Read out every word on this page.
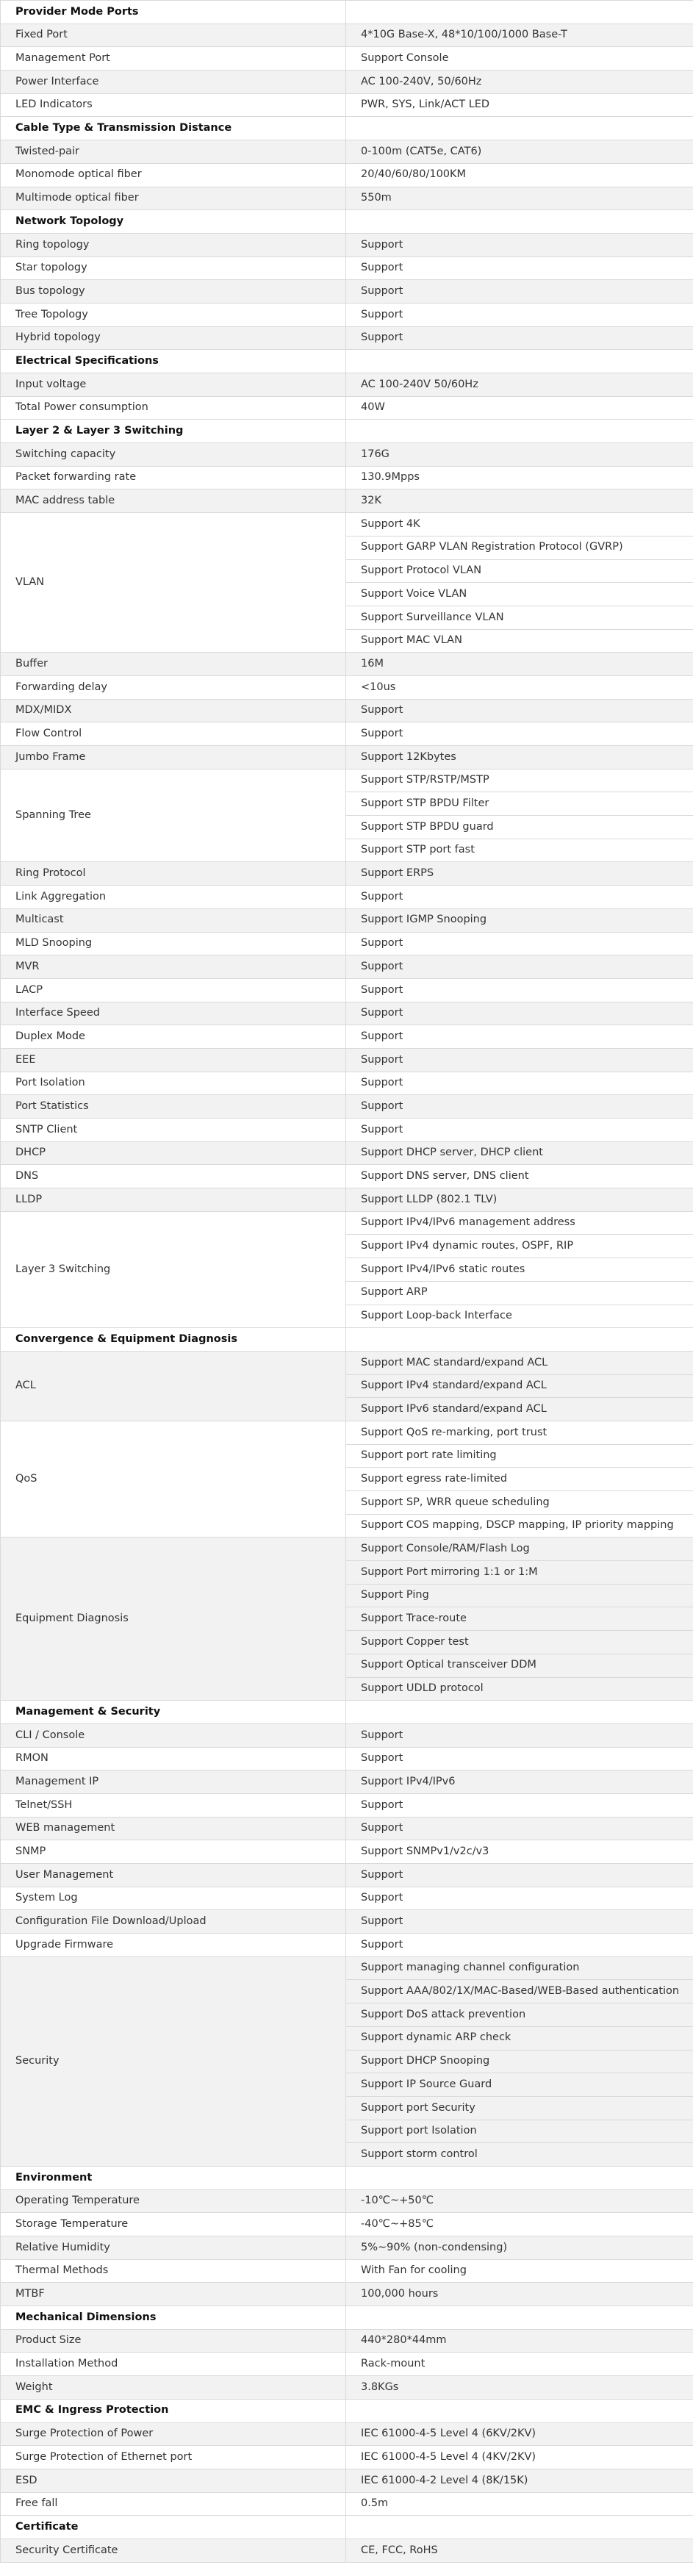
Provider Mode Ports	
Fixed Port	4*10G Base-X, 48*10/100/1000 Base-T
Management Port	Support Console
Power Interface	AC 100-240V, 50/60Hz
LED Indicators	PWR, SYS, Link/ACT LED
Cable Type & Transmission Distance	
Twisted-pair	0-100m (CAT5e, CAT6)
Monomode optical fiber	20/40/60/80/100KM
Multimode optical fiber	550m
Network Topology	
Ring topology	Support
Star topology	Support
Bus topology	Support
Tree Topology	Support
Hybrid topology	Support
Electrical Specifications	
Input voltage	AC 100-240V 50/60Hz
Total Power consumption	40W
Layer 2 & Layer 3 Switching	
Switching capacity	176G
Packet forwarding rate	130.9Mpps
MAC address table	32K
VLAN	Support 4K
	Support GARP VLAN Registration Protocol (GVRP)
	Support Protocol VLAN
	Support Voice VLAN
	Support Surveillance VLAN
	Support MAC VLAN
Buffer	16M
Forwarding delay	<10us
MDX/MIDX	Support
Flow Control	Support
Jumbo Frame	Support 12Kbytes
Spanning Tree	Support STP/RSTP/MSTP
	Support STP BPDU Filter
	Support STP BPDU guard
	Support STP port fast
Ring Protocol	Support ERPS
Link Aggregation	Support
Multicast	Support IGMP Snooping
MLD Snooping	Support
MVR	Support
LACP	Support
Interface Speed	Support
Duplex Mode	Support
EEE	Support
Port Isolation	Support
Port Statistics	Support
SNTP Client	Support
DHCP	Support DHCP server, DHCP client
DNS	Support DNS server, DNS client
LLDP	Support LLDP (802.1 TLV)
Layer 3 Switching	Support IPv4/IPv6 management address
	Support IPv4 dynamic routes, OSPF, RIP
	Support IPv4/IPv6 static routes
	Support ARP
	Support Loop-back Interface
Convergence & Equipment Diagnosis	
ACL	Support MAC standard/expand ACL
	Support IPv4 standard/expand ACL
	Support IPv6 standard/expand ACL
QoS	Support QoS re-marking, port trust
	Support port rate limiting
	Support egress rate-limited
	Support SP, WRR queue scheduling
	Support COS mapping, DSCP mapping, IP priority mapping
Equipment Diagnosis	Support Console/RAM/Flash Log
	Support Port mirroring 1:1 or 1:M
	Support Ping
	Support Trace-route
	Support Copper test
	Support Optical transceiver DDM
	Support UDLD protocol
Management & Security	
CLI / Console	Support
RMON	Support
Management IP	Support IPv4/IPv6
Telnet/SSH	Support
WEB management	Support
SNMP	Support SNMPv1/v2c/v3
User Management	Support
System Log	Support
Configuration File Download/Upload	Support
Upgrade Firmware	Support
Security	Support managing channel configuration
	Support AAA/802/1X/MAC-Based/WEB-Based authentication
	Support DoS attack prevention
	Support dynamic ARP check
	Support DHCP Snooping
	Support IP Source Guard
	Support port Security
	Support port Isolation
	Support storm control
Environment	
Operating Temperature	-10℃~+50℃
Storage Temperature	-40℃~+85℃
Relative Humidity	5%~90% (non-condensing)
Thermal Methods	With Fan for cooling
MTBF	100,000 hours
Mechanical Dimensions	
Product Size	440*280*44mm
Installation Method	Rack-mount
Weight	3.8KGs
EMC & Ingress Protection	
Surge Protection of Power	IEC 61000-4-5 Level 4 (6KV/2KV)
Surge Protection of Ethernet port	IEC 61000-4-5 Level 4 (4KV/2KV)
ESD	IEC 61000-4-2 Level 4 (8K/15K)
Free fall	0.5m
Certificate	
Security Certificate	CE, FCC, RoHS
